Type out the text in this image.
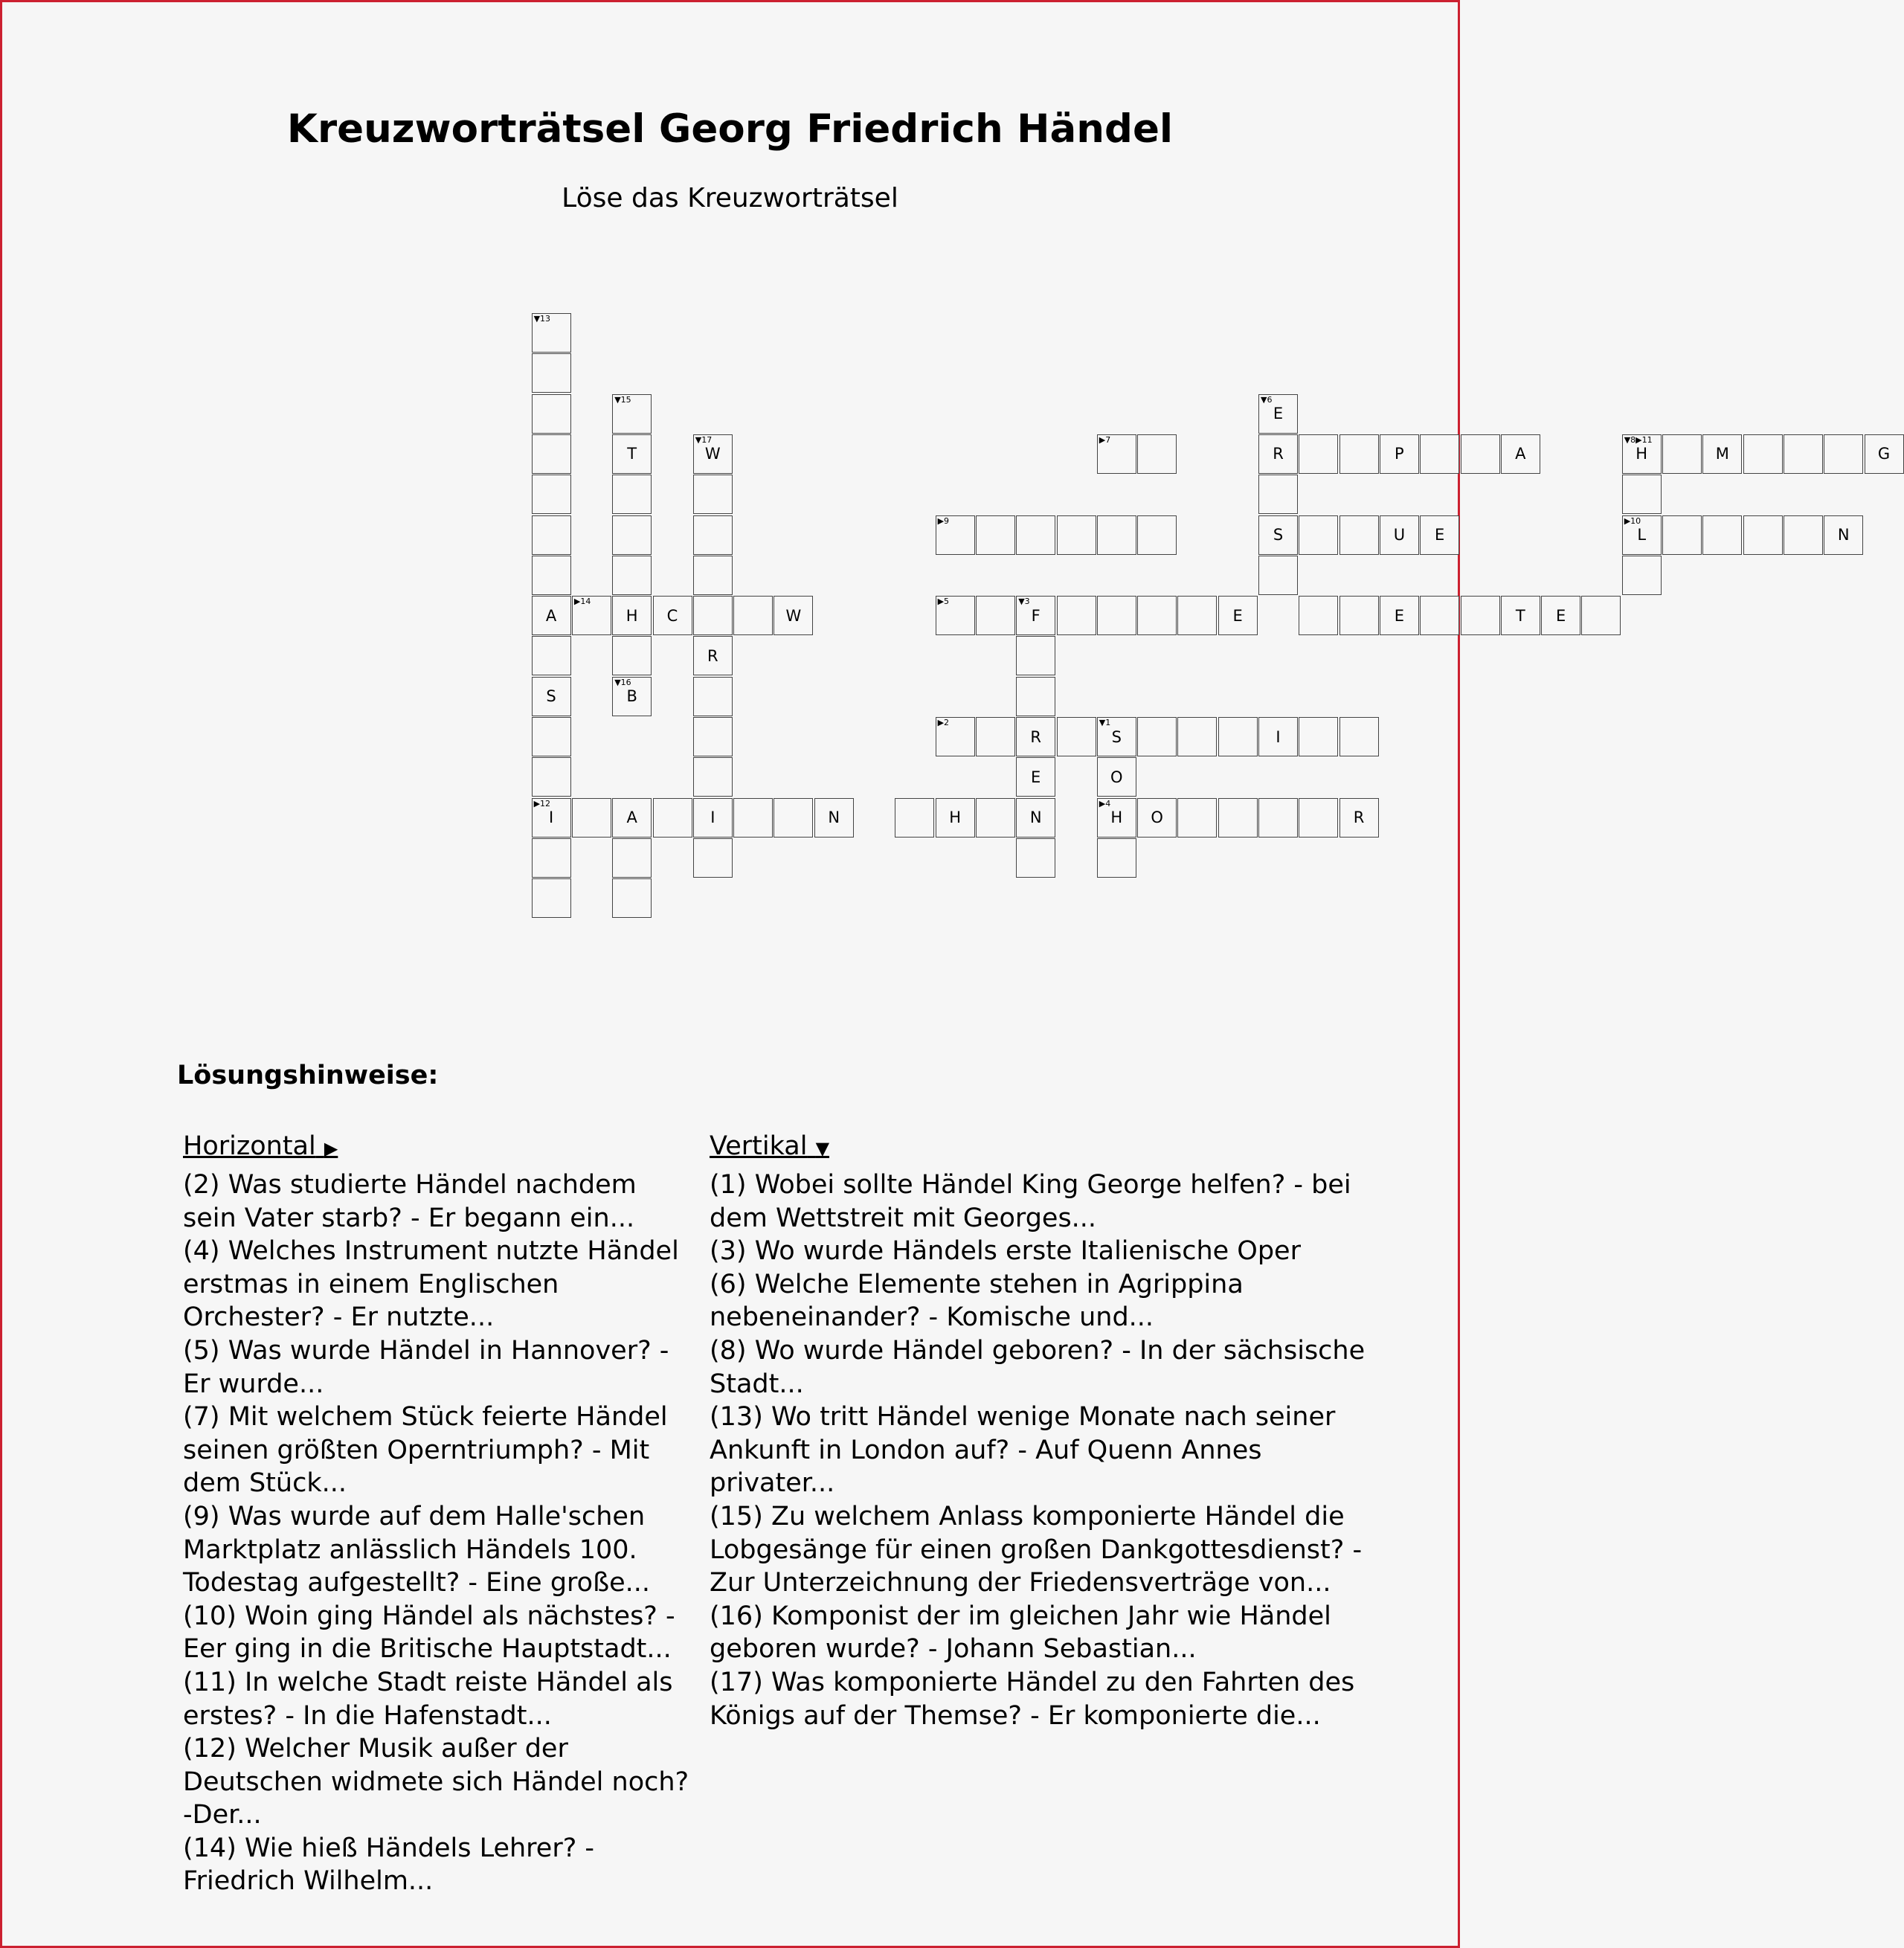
Kreuzworträtsel Georg Friedrich Händel
Löse das Kreuzworträtsel
▼13
A
S
▶12
I
▼15
T
H
▼17
W
R
I
▶14
C	W
▼16
B
A	N	H	N
▼6
E
R
S
▶7
P	A
▼8▶11
H	M	G
▶10
L	N
▶9
U	E
▶5	▼3
F	E	E	T	E
▶2
R
▼1
S	I
E	O
▶4
H	O	R
Lösungshinweise:
Horizontal ▶
(2) Was studierte Händel nachdem sein Vater starb? - Er begann ein...
(4) Welches Instrument nutzte Händel erstmas in einem Englischen Orchester? - Er nutzte...
(5) Was wurde Händel in Hannover? - Er wurde...
(7) Mit welchem Stück feierte Händel seinen größten Operntriumph? - Mit dem Stück...
(9) Was wurde auf dem Halle'schen Marktplatz anlässlich Händels 100. Todestag aufgestellt? - Eine große...
(10) Woin ging Händel als nächstes? - Eer ging in die Britische Hauptstadt...
(11) In welche Stadt reiste Händel als erstes? - In die Hafenstadt...
(12) Welcher Musik außer der Deutschen widmete sich Händel noch? -Der...
(14) Wie hieß Händels Lehrer? - Friedrich Wilhelm...
Vertikal ▼
(1) Wobei sollte Händel King George helfen? - bei dem Wettstreit mit Georges...
(3) Wo wurde Händels erste Italienische Oper
(6) Welche Elemente stehen in Agrippina nebeneinander? - Komische und...
(8) Wo wurde Händel geboren? - In der sächsische Stadt...
(13) Wo tritt Händel wenige Monate nach seiner Ankunft in London auf? - Auf Quenn Annes privater...
(15) Zu welchem Anlass komponierte Händel die Lobgesänge für einen großen Dankgottesdienst? - Zur Unterzeichnung der Friedensverträge von...
(16) Komponist der im gleichen Jahr wie Händel geboren wurde? - Johann Sebastian...
(17) Was komponierte Händel zu den Fahrten des Königs auf der Themse? - Er komponierte die...
